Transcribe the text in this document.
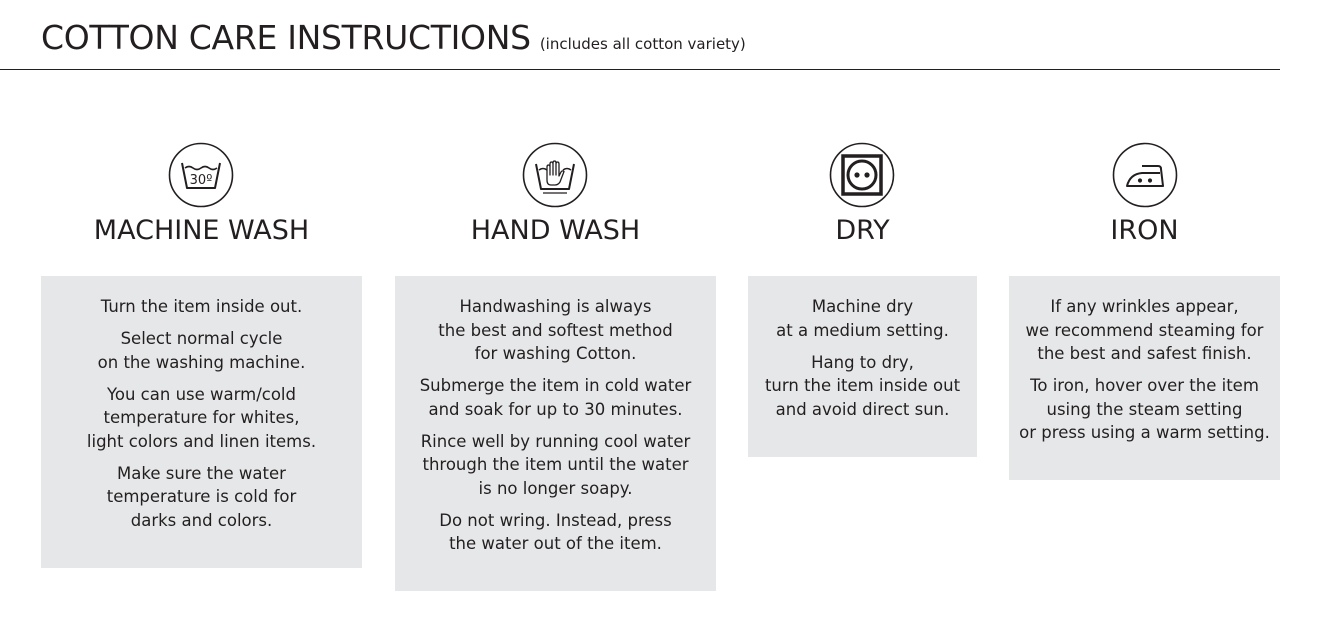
COTTON CARE INSTRUCTIONS (includes all cotton variety)
30º
MACHINE WASH
Turn the item inside out.
Select normal cycle
on the washing machine.
You can use warm/cold
temperature for whites,
light colors and linen items.
Make sure the water
temperature is cold for
darks and colors.
HAND WASH
Handwashing is always
the best and softest method
for washing Cotton.
Submerge the item in cold water
and soak for up to 30 minutes.
Rince well by running cool water
through the item until the water
is no longer soapy.
Do not wring. Instead, press
the water out of the item.
DRY
Machine dry
at a medium setting.
Hang to dry,
turn the item inside out
and avoid direct sun.
IRON
If any wrinkles appear,
we recommend steaming for
the best and safest finish.
To iron, hover over the item
using the steam setting
or press using a warm setting.
